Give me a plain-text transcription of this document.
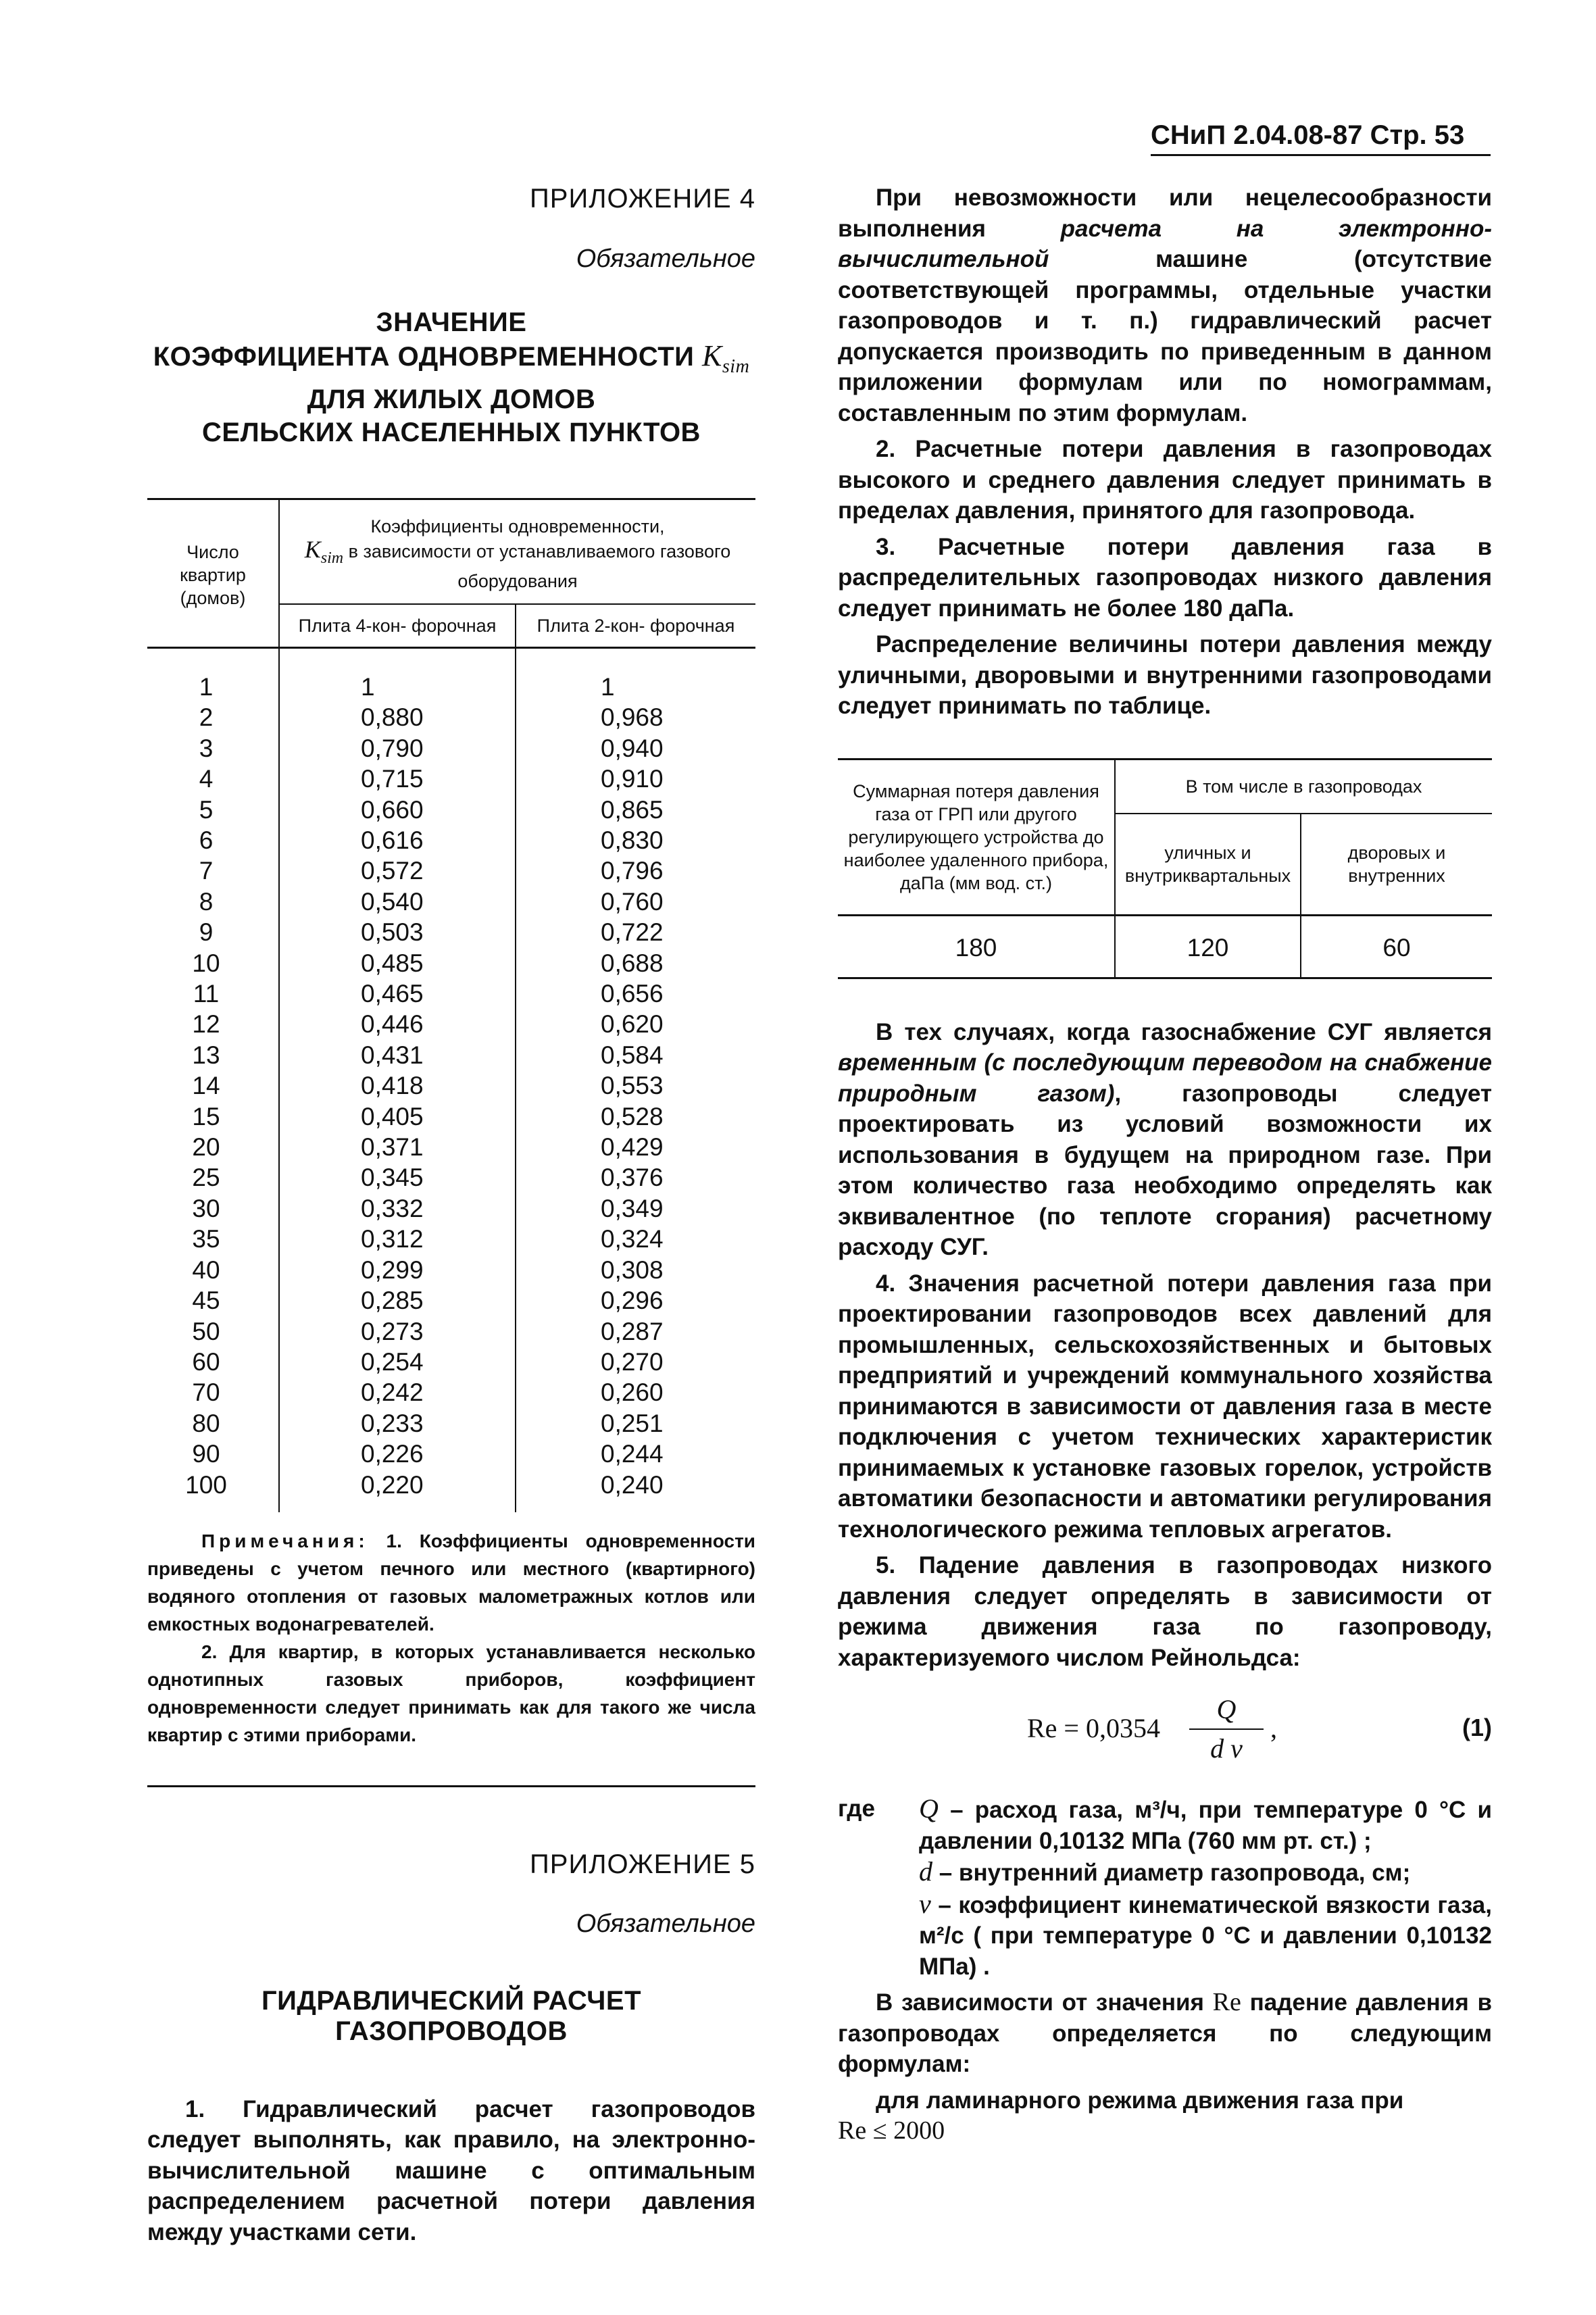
СНиП 2.04.08-87 Стр. 53
ПРИЛОЖЕНИЕ 4
Обязательное
ЗНАЧЕНИЕ
КОЭФФИЦИЕНТА ОДНОВРЕМЕННОСТИ $K_{sim}$
ДЛЯ ЖИЛЫХ ДОМОВ
СЕЛЬСКИХ НАСЕЛЕННЫХ ПУНКТОВ
Число квартир (домов)	Коэффициенты одновременности,
$K_{sim}$ в зависимости от устанавливаемого газового оборудования	
	Плита 4-кон- форочная	Плита 2-кон- форочная
1	1	1
2	0,880	0,968
3	0,790	0,940
4	0,715	0,910
5	0,660	0,865
6	0,616	0,830
7	0,572	0,796
8	0,540	0,760
9	0,503	0,722
10	0,485	0,688
11	0,465	0,656
12	0,446	0,620
13	0,431	0,584
14	0,418	0,553
15	0,405	0,528
20	0,371	0,429
25	0,345	0,376
30	0,332	0,349
35	0,312	0,324
40	0,299	0,308
45	0,285	0,296
50	0,273	0,287
60	0,254	0,270
70	0,242	0,260
80	0,233	0,251
90	0,226	0,244
100	0,220	0,240

Примечания: 1. Коэффициенты одновременности приведены с учетом печного или местного (квартирного) водяного отопления от газовых малометражных котлов или емкостных водонагревателей.

2. Для квартир, в которых устанавливается несколько однотипных газовых приборов, коэффициент одновременности следует принимать как для такого же числа квартир с этими приборами.

ПРИЛОЖЕНИЕ 5
Обязательное
ГИДРАВЛИЧЕСКИЙ РАСЧЕТ ГАЗОПРОВОДОВ

1. Гидравлический расчет газопроводов следует выполнять, как правило, на электронно-вычислительной машине с оптимальным распределением расчетной потери давления между участками сети.

При невозможности или нецелесообразности выполнения	расчета на электронно-вычислительной	машине (отсутствие соответствующей программы, отдельные участки газопроводов и т. п.) гидравлический расчет допускается производить по приведенным в данном приложении формулам или по номограммам, составленным по этим формулам.

2. Расчетные потери давления в газопроводах высокого и среднего давления следует принимать в пределах давления, принятого для газопровода.

3. Расчетные потери давления газа в распределительных газопроводах низкого давления следует принимать не более 180 даПа.

Распределение величины потери давления между уличными, дворовыми и внутренними газопроводами следует принимать по таблице.

Суммарная потеря давления газа от ГРП или другого регулирующего устройства до наиболее удаленного прибора, даПа (мм вод. ст.)	В том числе в газопроводах	
	уличных и внутриквартальных	дворовых и внутренних
180	120	60

В тех случаях, когда газоснабжение СУГ является временным (с последующим переводом на снабжение природным газом), газопроводы следует проектировать из условий возможности их использования в будущем на природном газе. При этом количество газа необходимо определять как эквивалентное (по теплоте сгорания) расчетному расходу СУГ.

4. Значения расчетной потери давления газа при проектировании газопроводов всех давлений для промышленных, сельскохозяйственных и бытовых предприятий и учреждений коммунального хозяйства принимаются в зависимости от давления газа в месте подключения с учетом технических характеристик принимаемых к установке газовых горелок, устройств автоматики безопасности и автоматики регулирования технологического режима тепловых агрегатов.

5. Падение давления в газопроводах низкого давления следует определять в зависимости от режима движения газа по газопроводу, характеризуемого числом Рейнольдса:

Re = 0,0354
Q
d ν
,	(1)
где Q – расход газа, м³/ч, при температуре 0 °С и давлении 0,10132 МПа (760 мм рт. ст.) ;
d – внутренний диаметр газопровода, см;
ν – коэффициент кинематической вязкости газа, м²/с ( при температуре 0 °С и давлении 0,10132 МПа) .

В зависимости от значения Re падение давления в газопроводах определяется по следующим формулам:

для ламинарного режима движения газа при

Re ≤ 2000
